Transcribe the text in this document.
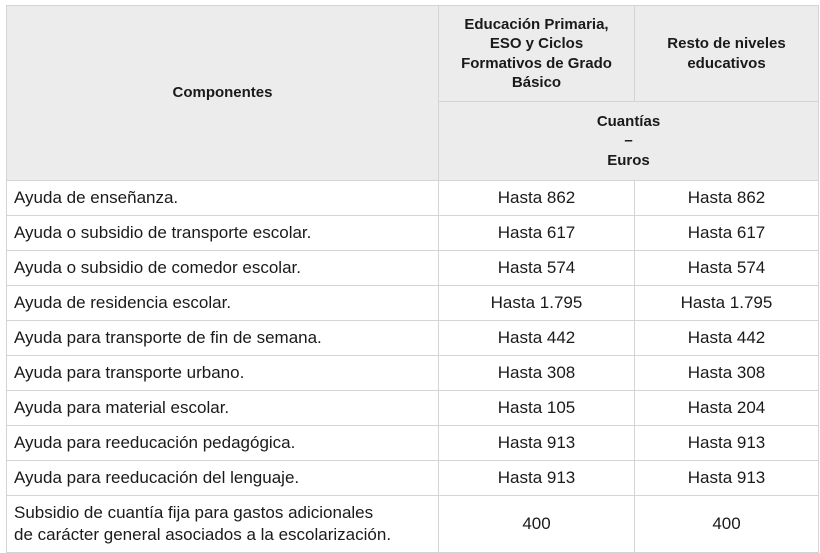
Componentes	Educación Primaria,
ESO y Ciclos
Formativos de Grado
Básico	Resto de niveles
educativos

	Cuantías
–
Euros	

Ayuda de enseñanza.	Hasta 862	Hasta 862
Ayuda o subsidio de transporte escolar.	Hasta 617	Hasta 617
Ayuda o subsidio de comedor escolar.	Hasta 574	Hasta 574
Ayuda de residencia escolar.	Hasta 1.795	Hasta 1.795
Ayuda para transporte de fin de semana.	Hasta 442	Hasta 442
Ayuda para transporte urbano.	Hasta 308	Hasta 308
Ayuda para material escolar.	Hasta 105	Hasta 204
Ayuda para reeducación pedagógica.	Hasta 913	Hasta 913
Ayuda para reeducación del lenguaje.	Hasta 913	Hasta 913

Subsidio de cuantía fija para gastos adicionales
de carácter general asociados a la escolarización.	400	400
